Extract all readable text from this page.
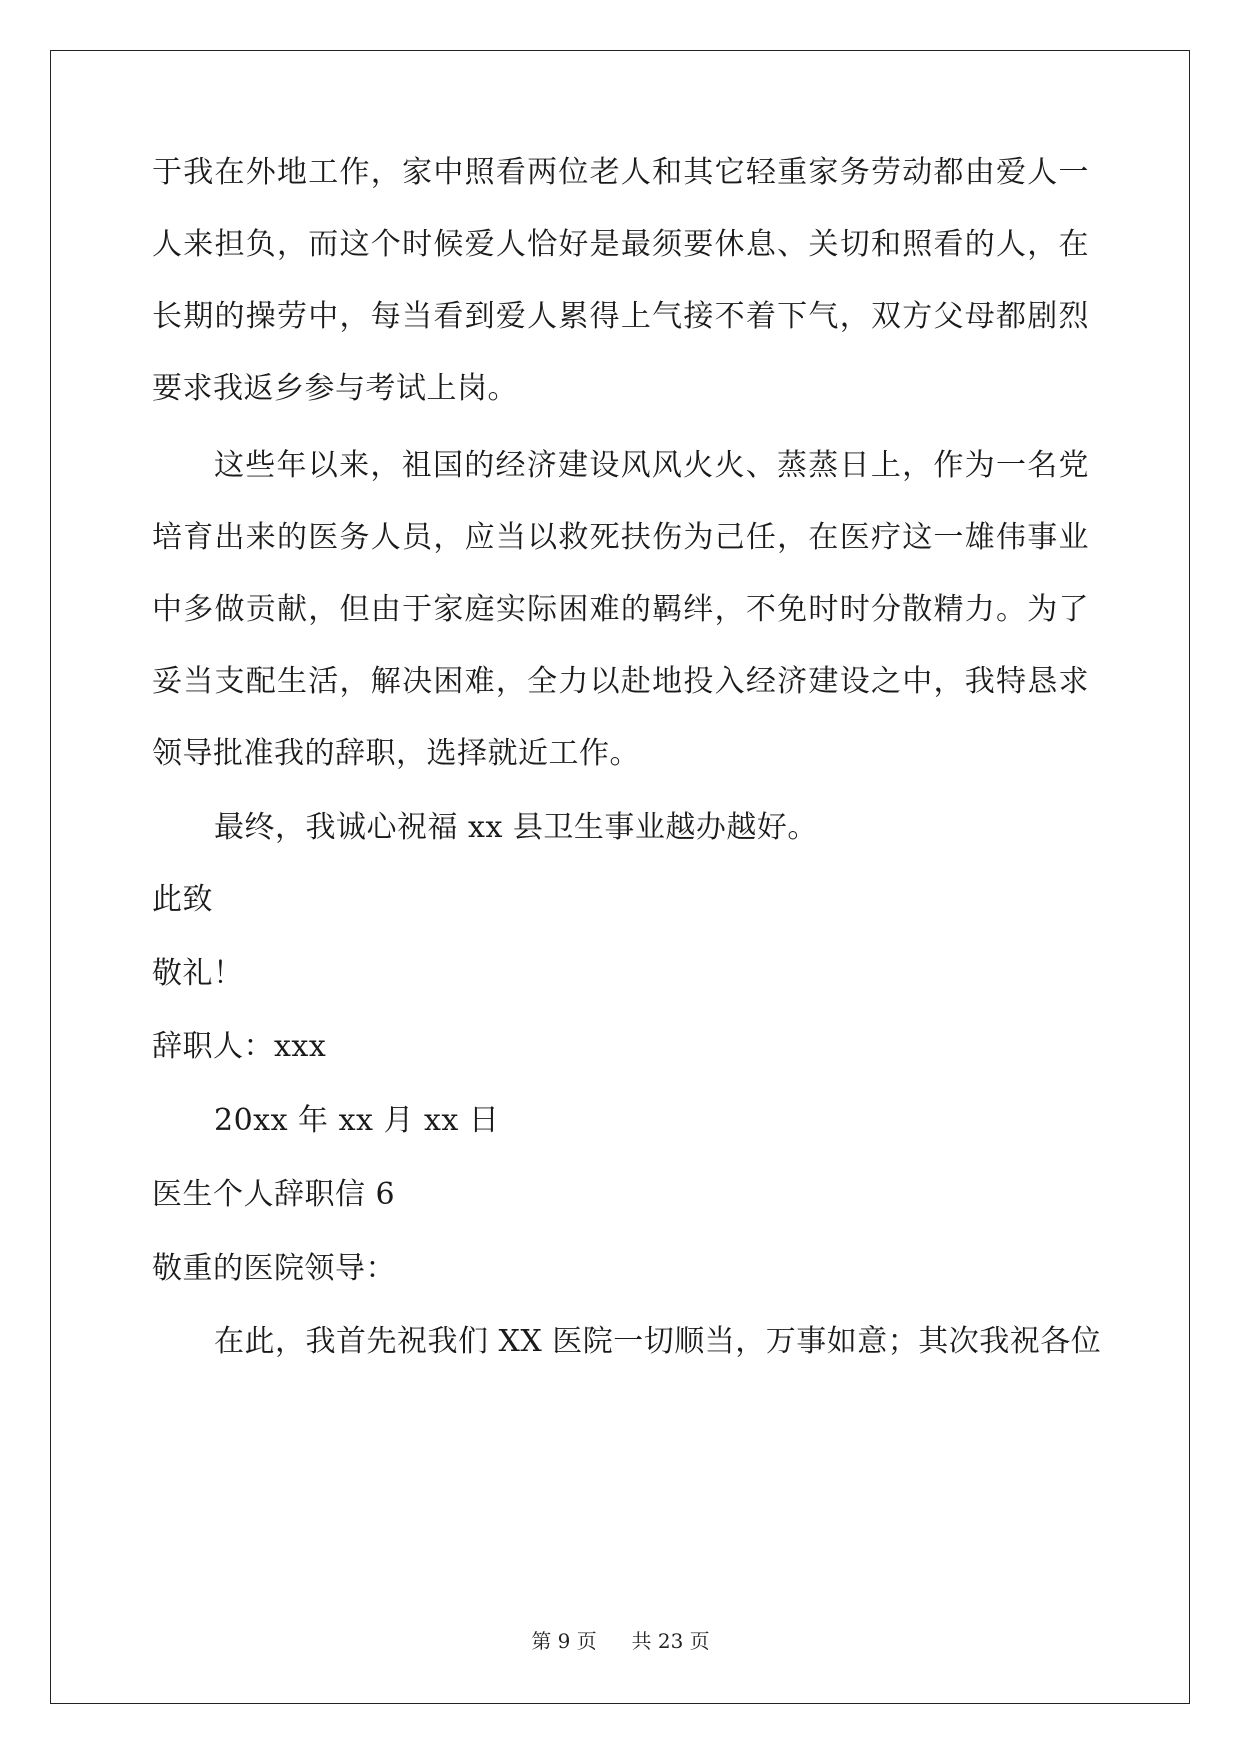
于我在外地工作，家中照看两位老人和其它轻重家务劳动都由爱人一
人来担负，而这个时候爱人恰好是最须要休息、关切和照看的人，在
长期的操劳中，每当看到爱人累得上气接不着下气，双方父母都剧烈
要求我返乡参与考试上岗。
这些年以来，祖国的经济建设风风火火、蒸蒸日上，作为一名党
培育出来的医务人员，应当以救死扶伤为己任，在医疗这一雄伟事业
中多做贡献，但由于家庭实际困难的羁绊，不免时时分散精力。为了
妥当支配生活，解决困难，全力以赴地投入经济建设之中，我特恳求
领导批准我的辞职，选择就近工作。
最终，我诚心祝福 xx 县卫生事业越办越好。
此致
敬礼！
辞职人：xxx
20xx 年 xx 月 xx 日
医生个人辞职信 6
敬重的医院领导：
在此，我首先祝我们 XX 医院一切顺当，万事如意；其次我祝各位
第 9 页 共 23 页
